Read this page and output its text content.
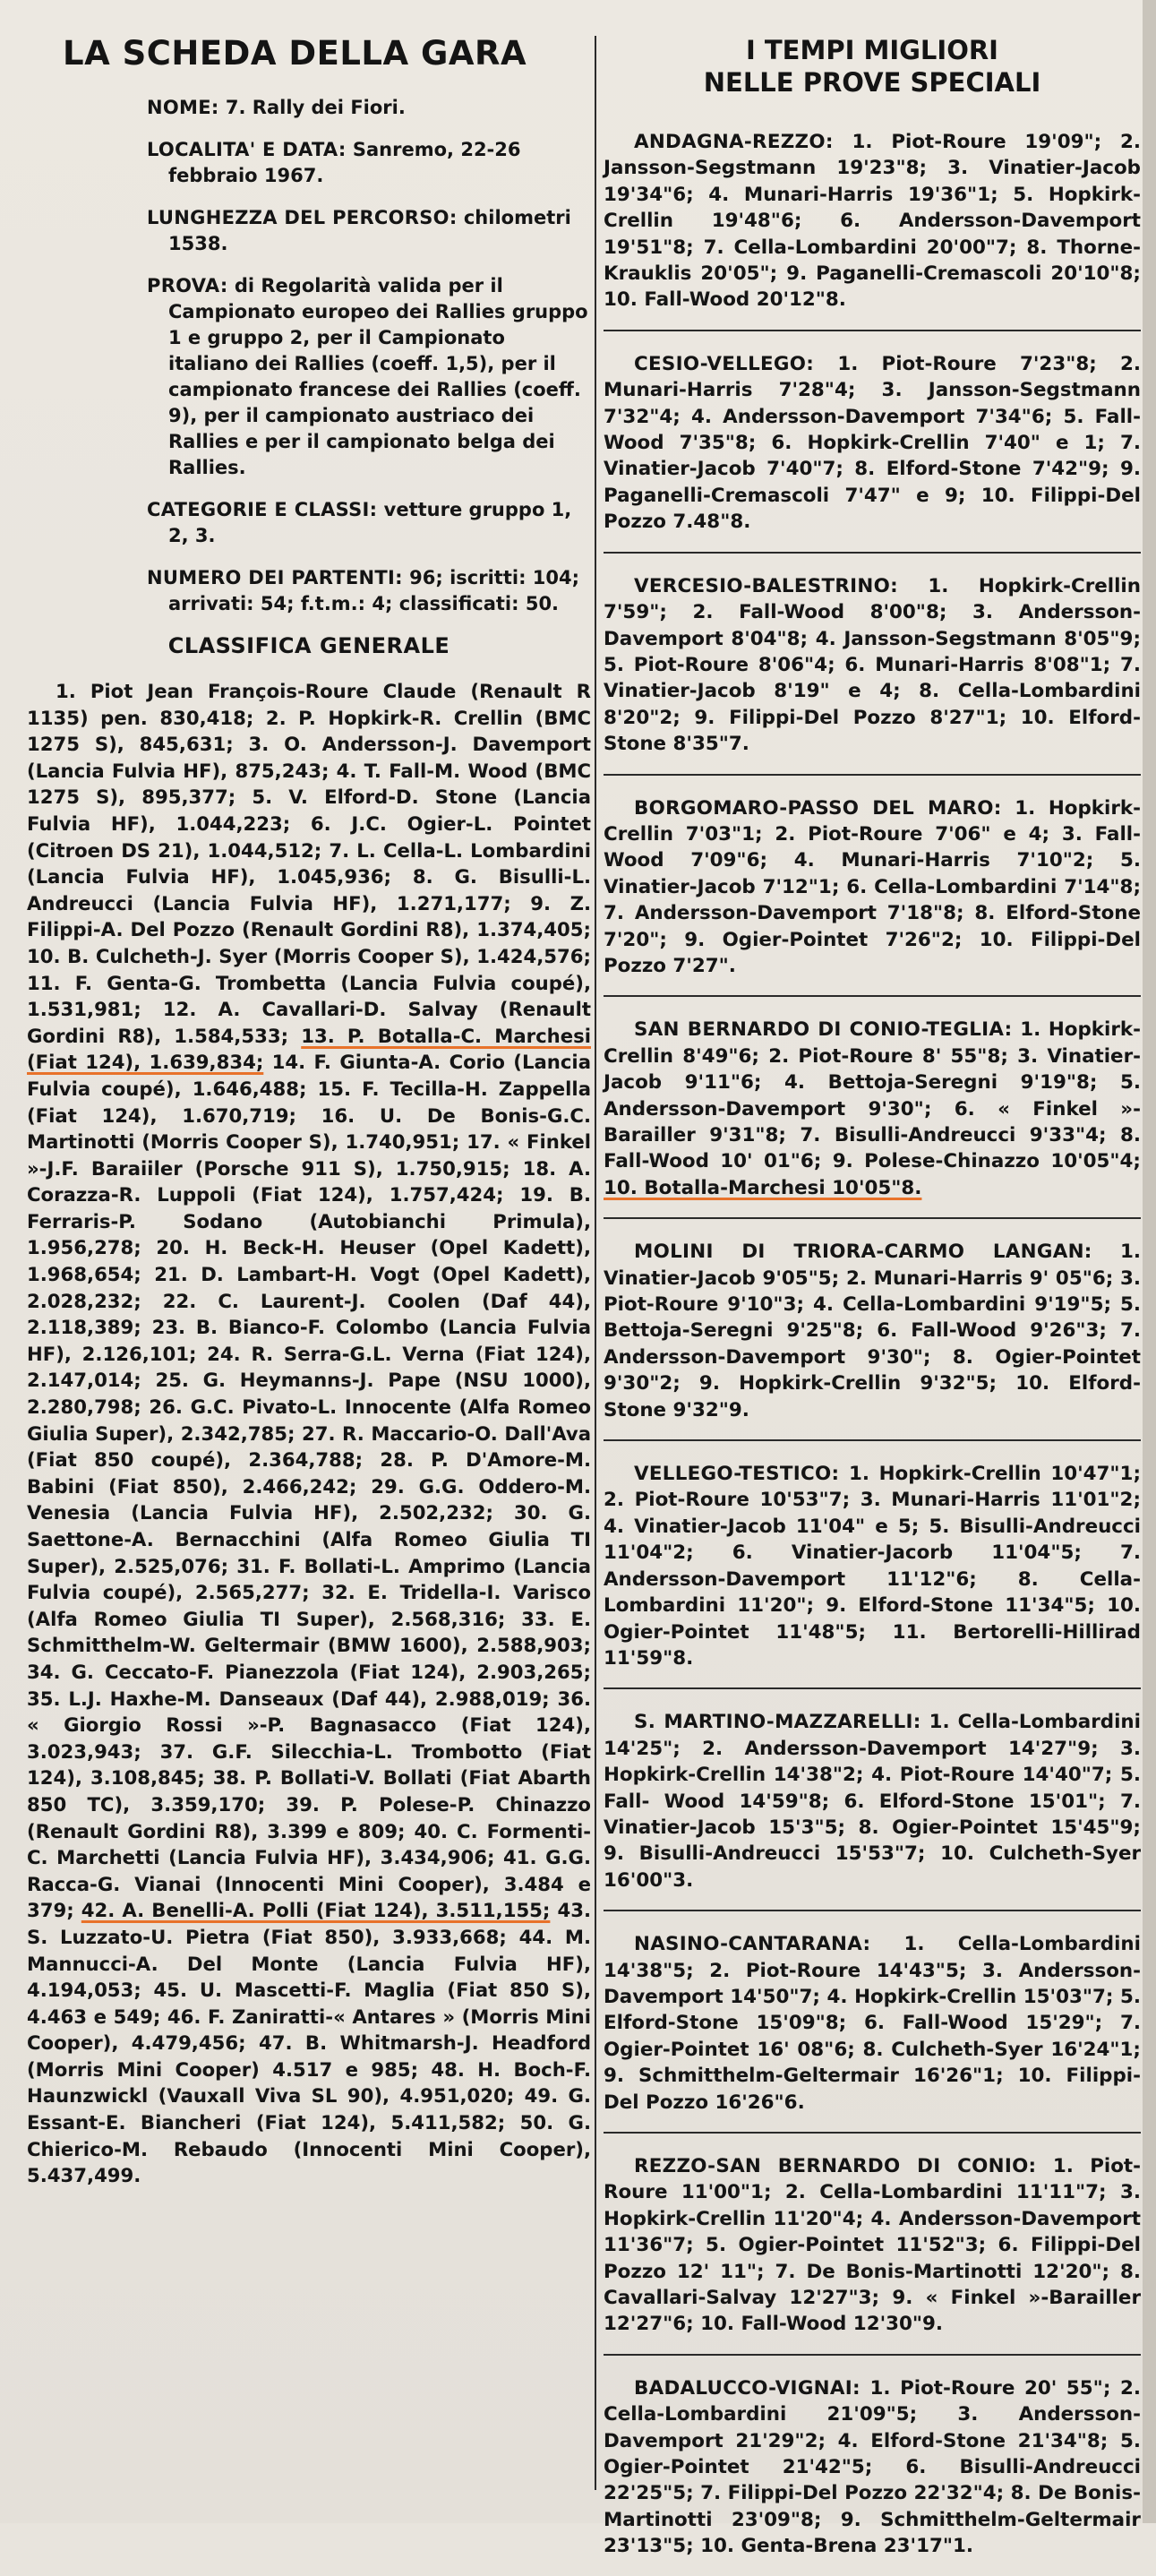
LA SCHEDA DELLA GARA

NOME: 7. Rally dei Fiori.

LOCALITA' E DATA: Sanremo, 22-26 febbraio 1967.

LUNGHEZZA DEL PERCORSO: chilometri 1538.

PROVA: di Regolarità valida per il Campionato europeo dei Rallies gruppo 1 e gruppo 2, per il Campionato italiano dei Rallies (coeff. 1,5), per il campionato francese dei Rallies (coeff. 9), per il campionato austriaco dei Rallies e per il campionato belga dei Rallies.

CATEGORIE E CLASSI: vetture gruppo 1, 2, 3.

NUMERO DEI PARTENTI: 96; iscritti: 104; arrivati: 54; f.t.m.: 4; classificati: 50.

CLASSIFICA GENERALE

1. Piot Jean François-Roure Claude (Renault R 1135) pen. 830,418; 2. P. Hopkirk-R. Crellin (BMC 1275 S), 845,631; 3. O. Andersson-J. Davemport (Lancia Fulvia HF), 875,243; 4. T. Fall-M. Wood (BMC 1275 S), 895,377; 5. V. Elford-D. Stone (Lancia Fulvia HF), 1.044,223; 6. J.C. Ogier-L. Pointet (Citroen DS 21), 1.044,512; 7. L. Cella-L. Lombardini (Lancia Fulvia HF), 1.045,936; 8. G. Bisulli-L. Andreucci (Lancia Fulvia HF), 1.271,177; 9. Z. Filippi-A. Del Pozzo (Renault Gordini R8), 1.374,405; 10. B. Culcheth-J. Syer (Morris Cooper S), 1.424,576; 11. F. Genta-G. Trombetta (Lancia Fulvia coupé), 1.531,981; 12. A. Cavallari-D. Salvay (Renault Gordini R8), 1.584,533; 13. P. Botalla-C. Marchesi (Fiat 124), 1.639,834; 14. F. Giunta-A. Corio (Lancia Fulvia coupé), 1.646,488; 15. F. Tecilla-H. Zappella (Fiat 124), 1.670,719; 16. U. De Bonis-G.C. Martinotti (Morris Cooper S), 1.740,951; 17. « Finkel »-J.F. Baraiiler (Porsche 911 S), 1.750,915; 18. A. Corazza-R. Luppoli (Fiat 124), 1.757,424; 19. B. Ferraris-P. Sodano (Autobianchi Primula), 1.956,278; 20. H. Beck-H. Heuser (Opel Kadett), 1.968,654; 21. D. Lambart-H. Vogt (Opel Kadett), 2.028,232; 22. C. Laurent-J. Coolen (Daf 44), 2.118,389; 23. B. Bianco-F. Colombo (Lancia Fulvia HF), 2.126,101; 24. R. Serra-G.L. Verna (Fiat 124), 2.147,014; 25. G. Heymanns-J. Pape (NSU 1000), 2.280,798; 26. G.C. Pivato-L. Innocente (Alfa Romeo Giulia Super), 2.342,785; 27. R. Maccario-O. Dall'Ava (Fiat 850 coupé), 2.364,788; 28. P. D'Amore-M. Babini (Fiat 850), 2.466,242; 29. G.G. Oddero-M. Venesia (Lancia Fulvia HF), 2.502,232; 30. G. Saettone-A. Bernacchini (Alfa Romeo Giulia TI Super), 2.525,076; 31. F. Bollati-L. Amprimo (Lancia Fulvia coupé), 2.565,277; 32. E. Tridella-I. Varisco (Alfa Romeo Giulia TI Super), 2.568,316; 33. E. Schmitthelm-W. Geltermair (BMW 1600), 2.588,903; 34. G. Ceccato-F. Pianezzola (Fiat 124), 2.903,265; 35. L.J. Haxhe-M. Danseaux (Daf 44), 2.988,019; 36. « Giorgio Rossi »-P. Bagnasacco (Fiat 124), 3.023,943; 37. G.F. Silecchia-L. Trombotto (Fiat 124), 3.108,845; 38. P. Bollati-V. Bollati (Fiat Abarth 850 TC), 3.359,170; 39. P. Polese-P. Chinazzo (Renault Gordini R8), 3.399 e 809; 40. C. Formenti-C. Marchetti (Lancia Fulvia HF), 3.434,906; 41. G.G. Racca-G. Vianai (Innocenti Mini Cooper), 3.484 e 379; 42. A. Benelli-A. Polli (Fiat 124), 3.511,155; 43. S. Luzzato-U. Pietra (Fiat 850), 3.933,668; 44. M. Mannucci-A. Del Monte (Lancia Fulvia HF), 4.194,053; 45. U. Mascetti-F. Maglia (Fiat 850 S), 4.463 e 549; 46. F. Zaniratti-« Antares » (Morris Mini Cooper), 4.479,456; 47. B. Whitmarsh-J. Headford (Morris Mini Cooper) 4.517 e 985; 48. H. Boch-F. Haunzwickl (Vauxall Viva SL 90), 4.951,020; 49. G. Essant-E. Biancheri (Fiat 124), 5.411,582; 50. G. Chierico-M. Rebaudo (Innocenti Mini Cooper), 5.437,499.

I TEMPI MIGLIORI
NELLE PROVE SPECIALI

ANDAGNA-REZZO: 1. Piot-Roure 19'09"; 2. Jansson-Segstmann 19'23"8; 3. Vinatier-Jacob 19'34"6; 4. Munari-Harris 19'36"1; 5. Hopkirk-Crellin 19'48"6; 6. Andersson-Davemport 19'51"8; 7. Cella-Lombardini 20'00"7; 8. Thorne-Krauklis 20'05"; 9. Paganelli-Cremascoli 20'10"8; 10. Fall-Wood 20'12"8.

CESIO-VELLEGO: 1. Piot-Roure 7'23"8; 2. Munari-Harris 7'28"4; 3. Jansson-Segstmann 7'32"4; 4. Andersson-Davemport 7'34"6; 5. Fall-Wood 7'35"8; 6. Hopkirk-Crellin 7'40" e 1; 7. Vinatier-Jacob 7'40"7; 8. Elford-Stone 7'42"9; 9. Paganelli-Cremascoli 7'47" e 9; 10. Filippi-Del Pozzo 7.48"8.

VERCESIO-BALESTRINO: 1. Hopkirk-Crellin 7'59"; 2. Fall-Wood 8'00"8; 3. Andersson-Davemport 8'04"8; 4. Jansson-Segstmann 8'05"9; 5. Piot-Roure 8'06"4; 6. Munari-Harris 8'08"1; 7. Vinatier-Jacob 8'19" e 4; 8. Cella-Lombardini 8'20"2; 9. Filippi-Del Pozzo 8'27"1; 10. Elford-Stone 8'35"7.

BORGOMARO-PASSO DEL MARO: 1. Hopkirk-Crellin 7'03"1; 2. Piot-Roure 7'06" e 4; 3. Fall-Wood 7'09"6; 4. Munari-Harris 7'10"2; 5. Vinatier-Jacob 7'12"1; 6. Cella-Lombardini 7'14"8; 7. Andersson-Davemport 7'18"8; 8. Elford-Stone 7'20"; 9. Ogier-Pointet 7'26"2; 10. Filippi-Del Pozzo 7'27".

SAN BERNARDO DI CONIO-TEGLIA: 1. Hopkirk-Crellin 8'49"6; 2. Piot-Roure 8' 55"8; 3. Vinatier-Jacob 9'11"6; 4. Bettoja-Seregni 9'19"8; 5. Andersson-Davemport 9'30"; 6. « Finkel »-Barailler 9'31"8; 7. Bisulli-Andreucci 9'33"4; 8. Fall-Wood 10' 01"6; 9. Polese-Chinazzo 10'05"4; 10. Botalla-Marchesi 10'05"8.

MOLINI DI TRIORA-CARMO LANGAN: 1. Vinatier-Jacob 9'05"5; 2. Munari-Harris 9' 05"6; 3. Piot-Roure 9'10"3; 4. Cella-Lombardini 9'19"5; 5. Bettoja-Seregni 9'25"8; 6. Fall-Wood 9'26"3; 7. Andersson-Davemport 9'30"; 8. Ogier-Pointet 9'30"2; 9. Hopkirk-Crellin 9'32"5; 10. Elford-Stone 9'32"9.

VELLEGO-TESTICO: 1. Hopkirk-Crellin 10'47"1; 2. Piot-Roure 10'53"7; 3. Munari-Harris 11'01"2; 4. Vinatier-Jacob 11'04" e 5; 5. Bisulli-Andreucci 11'04"2; 6. Vinatier-Jacorb 11'04"5; 7. Andersson-Davemport 11'12"6; 8. Cella-Lombardini 11'20"; 9. Elford-Stone 11'34"5; 10. Ogier-Pointet 11'48"5; 11. Bertorelli-Hillirad 11'59"8.

S. MARTINO-MAZZARELLI: 1. Cella-Lombardini 14'25"; 2. Andersson-Davemport 14'27"9; 3. Hopkirk-Crellin 14'38"2; 4. Piot-Roure 14'40"7; 5. Fall- Wood 14'59"8; 6. Elford-Stone 15'01"; 7. Vinatier-Jacob 15'3"5; 8. Ogier-Pointet 15'45"9; 9. Bisulli-Andreucci 15'53"7; 10. Culcheth-Syer 16'00"3.

NASINO-CANTARANA: 1. Cella-Lombardini 14'38"5; 2. Piot-Roure 14'43"5; 3. Andersson-Davemport 14'50"7; 4. Hopkirk-Crellin 15'03"7; 5. Elford-Stone 15'09"8; 6. Fall-Wood 15'29"; 7. Ogier-Pointet 16' 08"6; 8. Culcheth-Syer 16'24"1; 9. Schmitthelm-Geltermair 16'26"1; 10. Filippi-Del Pozzo 16'26"6.

REZZO-SAN BERNARDO DI CONIO: 1. Piot-Roure 11'00"1; 2. Cella-Lombardini 11'11"7; 3. Hopkirk-Crellin 11'20"4; 4. Andersson-Davemport 11'36"7; 5. Ogier-Pointet 11'52"3; 6. Filippi-Del Pozzo 12' 11"; 7. De Bonis-Martinotti 12'20"; 8. Cavallari-Salvay 12'27"3; 9. « Finkel »-Barailler 12'27"6; 10. Fall-Wood 12'30"9.

BADALUCCO-VIGNAI: 1. Piot-Roure 20' 55"; 2. Cella-Lombardini 21'09"5; 3. Andersson-Davemport 21'29"2; 4. Elford-Stone 21'34"8; 5. Ogier-Pointet 21'42"5; 6. Bisulli-Andreucci 22'25"5; 7. Filippi-Del Pozzo 22'32"4; 8. De Bonis-Martinotti 23'09"8; 9. Schmitthelm-Geltermair 23'13"5; 10. Genta-Brena 23'17"1.
